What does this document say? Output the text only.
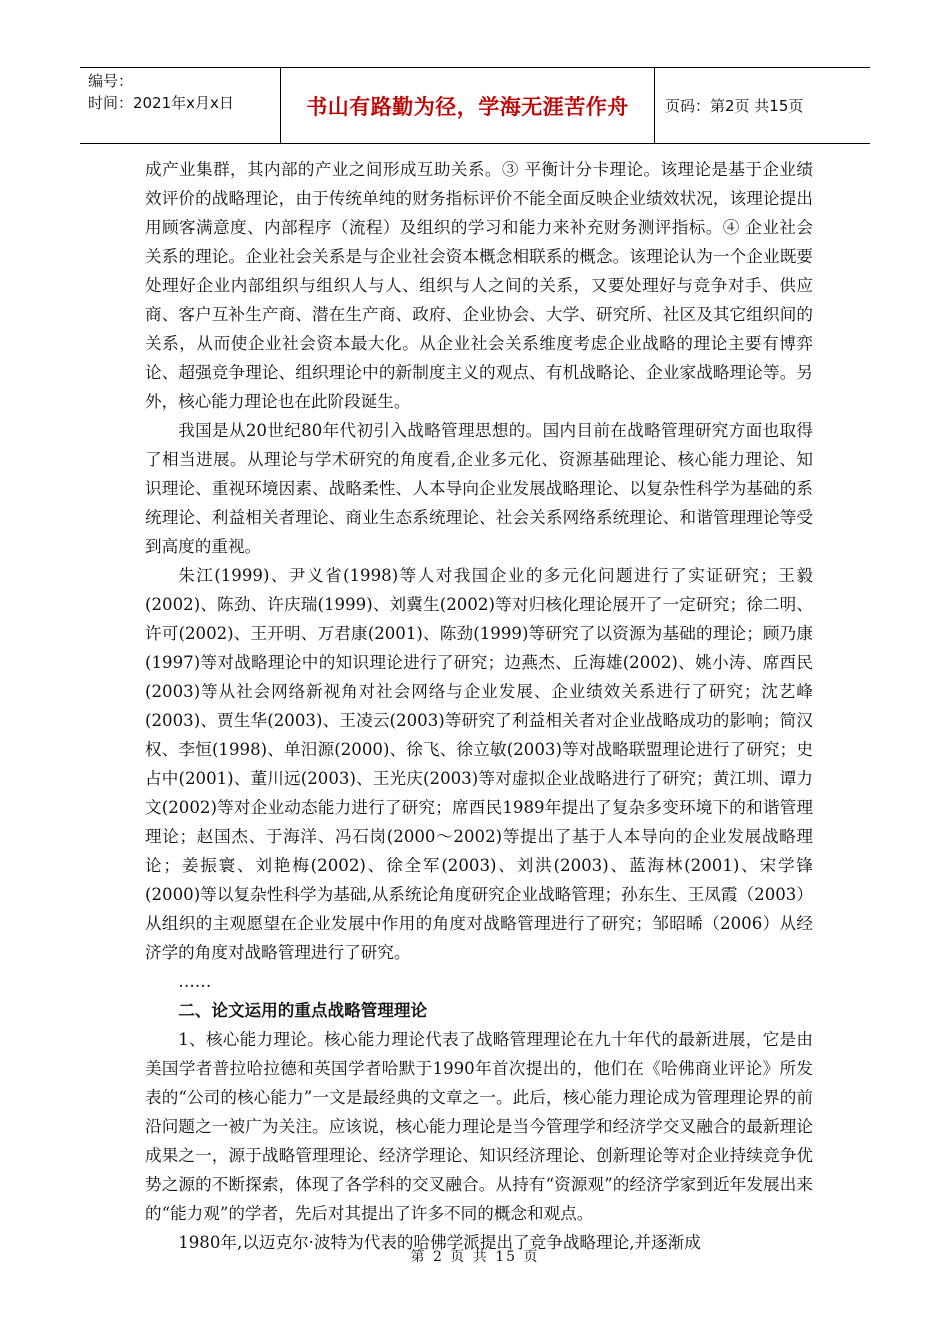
编号：
时间：2021年x月x日	书山有路勤为径，学海无涯苦作舟	页码：第2页 共15页

成产业集群，其内部的产业之间形成互助关系。③ 平衡计分卡理论。该理论是基于企业绩效评价的战略理论，由于传统单纯的财务指标评价不能全面反映企业绩效状况，该理论提出用顾客满意度、内部程序（流程）及组织的学习和能力来补充财务测评指标。④ 企业社会关系的理论。企业社会关系是与企业社会资本概念相联系的概念。该理论认为一个企业既要处理好企业内部组织与组织人与人、组织与人之间的关系，又要处理好与竞争对手、供应商、客户互补生产商、潜在生产商、政府、企业协会、大学、研究所、社区及其它组织间的关系，从而使企业社会资本最大化。从企业社会关系维度考虑企业战略的理论主要有博弈论、超强竞争理论、组织理论中的新制度主义的观点、有机战略论、企业家战略理论等。另外，核心能力理论也在此阶段诞生。

我国是从20世纪80年代初引入战略管理思想的。国内目前在战略管理研究方面也取得了相当进展。从理论与学术研究的角度看,企业多元化、资源基础理论、核心能力理论、知识理论、重视环境因素、战略柔性、人本导向企业发展战略理论、以复杂性科学为基础的系统理论、利益相关者理论、商业生态系统理论、社会关系网络系统理论、和谐管理理论等受到高度的重视。

朱江(1999)、尹义省(1998)等人对我国企业的多元化问题进行了实证研究；王毅(2002)、陈劲、许庆瑞(1999)、刘冀生(2002)等对归核化理论展开了一定研究；徐二明、许可(2002)、王开明、万君康(2001)、陈劲(1999)等研究了以资源为基础的理论；顾乃康(1997)等对战略理论中的知识理论进行了研究；边燕杰、丘海雄(2002)、姚小涛、席酉民(2003)等从社会网络新视角对社会网络与企业发展、企业绩效关系进行了研究；沈艺峰(2003)、贾生华(2003)、王凌云(2003)等研究了利益相关者对企业战略成功的影响；简汉权、李恒(1998)、单汨源(2000)、徐飞、徐立敏(2003)等对战略联盟理论进行了研究；史占中(2001)、董川远(2003)、王光庆(2003)等对虚拟企业战略进行了研究；黄江圳、谭力文(2002)等对企业动态能力进行了研究；席酉民1989年提出了复杂多变环境下的和谐管理理论；赵国杰、于海洋、冯石岗(2000～2002)等提出了基于人本导向的企业发展战略理论；姜振寰、刘艳梅(2002)、徐全军(2003)、刘洪(2003)、蓝海林(2001)、宋学锋(2000)等以复杂性科学为基础,从系统论角度研究企业战略管理；孙东生、王凤霞（2003）从组织的主观愿望在企业发展中作用的角度对战略管理进行了研究；邹昭晞（2006）从经济学的角度对战略管理进行了研究。

……
二、论文运用的重点战略管理理论

1、核心能力理论。核心能力理论代表了战略管理理论在九十年代的最新进展，它是由美国学者普拉哈拉德和英国学者哈默于1990年首次提出的，他们在《哈佛商业评论》所发表的“公司的核心能力”一文是最经典的文章之一。此后，核心能力理论成为管理理论界的前沿问题之一被广为关注。应该说，核心能力理论是当今管理学和经济学交叉融合的最新理论成果之一，源于战略管理理论、经济学理论、知识经济理论、创新理论等对企业持续竞争优势之源的不断探索，体现了各学科的交叉融合。从持有“资源观”的经济学家到近年发展出来的“能力观”的学者，先后对其提出了许多不同的概念和观点。

1980年,以迈克尔·波特为代表的哈佛学派提出了竞争战略理论,并逐渐成

第 2 页 共 15 页
